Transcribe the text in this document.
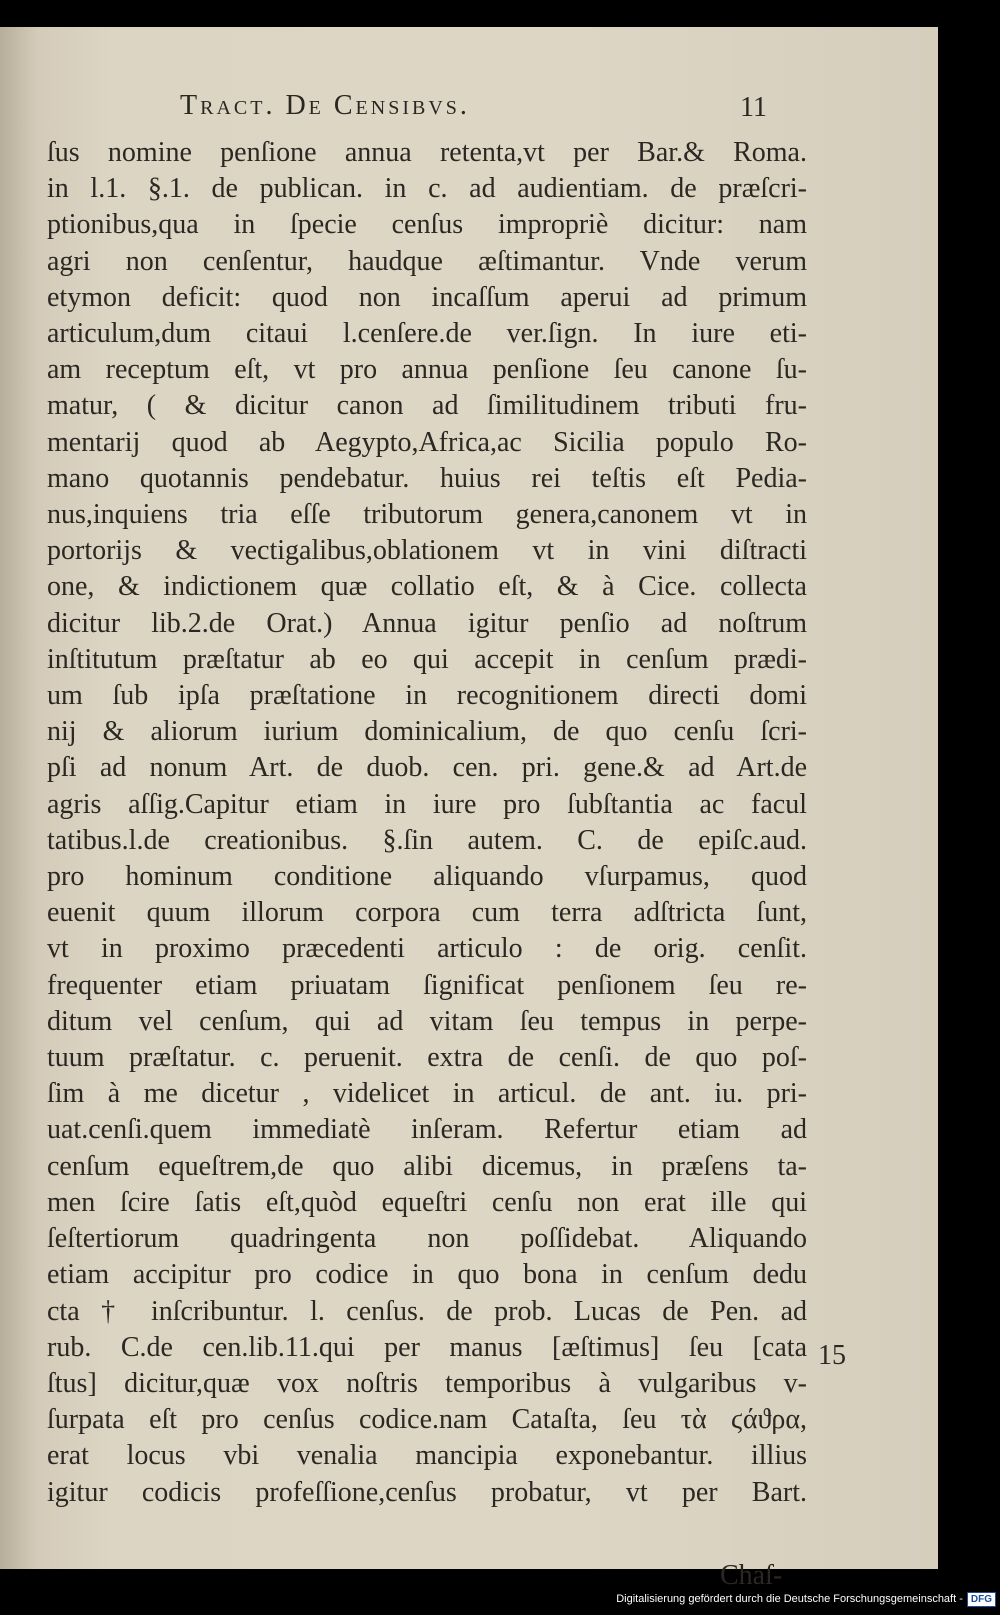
Tract. De Censibvs.	11
ſus nomine penſione annua retenta,vt per Bar.& Roma.
in l.1. §.1. de publican. in c. ad audientiam. de præſcri-
ptionibus,qua in ſpecie cenſus impropriè dicitur: nam
agri non cenſentur, haudque æſtimantur. Vnde verum
etymon deficit: quod non incaſſum aperui ad primum
articulum,dum citaui l.cenſere.de ver.ſign. In iure eti-
am receptum eſt, vt pro annua penſione ſeu canone ſu-
matur, ( & dicitur canon ad ſimilitudinem tributi fru-
mentarij quod ab Aegypto,Africa,ac Sicilia populo Ro-
mano quotannis pendebatur. huius rei teſtis eſt Pedia-
nus,inquiens tria eſſe tributorum genera,canonem vt in
portorijs & vectigalibus,oblationem vt in vini diſtracti
one, & indictionem quæ collatio eſt, & à Cice. collecta
dicitur lib.2.de Orat.) Annua igitur penſio ad noſtrum
inſtitutum præſtatur ab eo qui accepit in cenſum prædi-
um ſub ipſa præſtatione in recognitionem directi domi
nij & aliorum iurium dominicalium, de quo cenſu ſcri-
pſi ad nonum Art. de duob. cen. pri. gene.& ad Art.de
agris aſſig.Capitur etiam in iure pro ſubſtantia ac facul
tatibus.l.de creationibus. §.ſin autem. C. de epiſc.aud.
pro hominum conditione aliquando vſurpamus, quod
euenit quum illorum corpora cum terra adſtricta ſunt,
vt in proximo præcedenti articulo : de orig. cenſit.
frequenter etiam priuatam ſignificat penſionem ſeu re-
ditum vel cenſum, qui ad vitam ſeu tempus in perpe-
tuum præſtatur. c. peruenit. extra de cenſi. de quo poſ-
ſim à me dicetur , videlicet in articul. de ant. iu. pri-
uat.cenſi.quem immediatè inſeram. Refertur etiam ad
cenſum equeſtrem,de quo alibi dicemus, in præſens ta-
men ſcire ſatis eſt,quòd equeſtri cenſu non erat ille qui
ſeſtertiorum quadringenta non poſſidebat. Aliquando
etiam accipitur pro codice in quo bona in cenſum dedu
cta † inſcribuntur. l. cenſus. de prob. Lucas de Pen. ad
rub. C.de cen.lib.11.qui per manus [æſtimus] ſeu [cata
ſtus] dicitur,quæ vox noſtris temporibus à vulgaribus v-
ſurpata eſt pro cenſus codice.nam Cataſta, ſeu τὰ ϛάϑρα,
erat locus vbi venalia mancipia exponebantur. illius
igitur codicis profeſſione,cenſus probatur, vt per Bart.
15
Chaſ-
Digitalisierung gefördert durch die Deutsche Forschungsgemeinschaft - DFG
